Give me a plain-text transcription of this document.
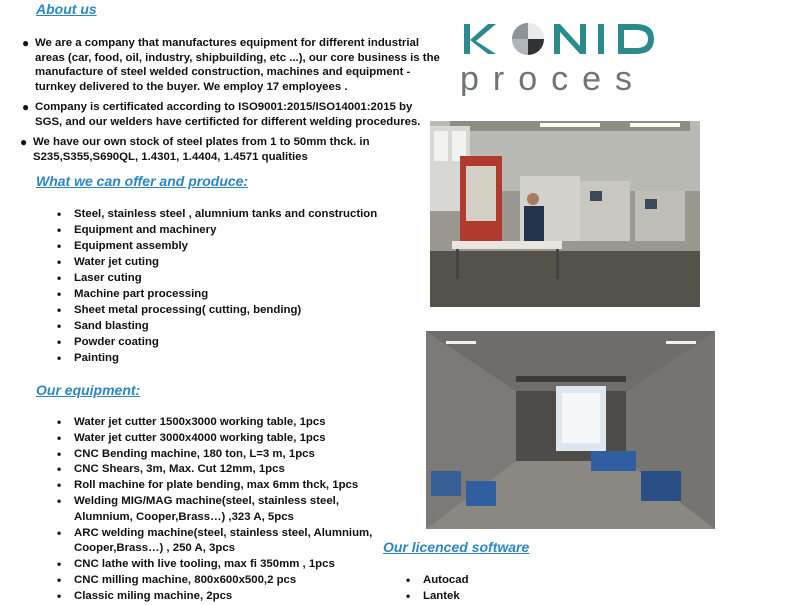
About us
● We are a company that manufactures equipment for different industrial areas (car, food, oil, industry, shipbuilding, etc ...), our core business is the manufacture of steel welded construction, machines and equipment - turnkey delivered to the buyer. We employ 17 employees .
● Company is certificated according to ISO9001:2015/ISO14001:2015 by SGS, and our welders have certificted for different welding procedures.
● We have our own stock of steel plates from 1 to 50mm thck. in S235,S355,S690QL, 1.4301, 1.4404, 1.4571 qualities
What we can offer and produce:
• Steel, stainless steel , alumnium tanks and construction
• Equipment and machinery
• Equipment assembly
• Water jet cuting
• Laser cuting
• Machine part processing
• Sheet metal processing( cutting, bending)
• Sand blasting
• Powder coating
• Painting
Our equipment:
• Water jet cutter 1500x3000 working table, 1pcs
• Water jet cutter 3000x4000 working table, 1pcs
• CNC Bending machine, 180 ton, L=3 m, 1pcs
• CNC Shears, 3m, Max. Cut 12mm, 1pcs
• Roll machine for plate bending, max 6mm thck, 1pcs
• Welding MIG/MAG machine(steel, stainless steel, Alumnium, Cooper,Brass…) ,323 A, 5pcs
• ARC welding machine(steel, stainless steel, Alumnium, Cooper,Brass…) , 250 A, 3pcs
• CNC lathe with live tooling, max fi 350mm , 1pcs
• CNC milling machine, 800x600x500,2 pcs
• Classic miling machine, 2pcs
proces
Our licenced software
• Autocad
• Lantek
